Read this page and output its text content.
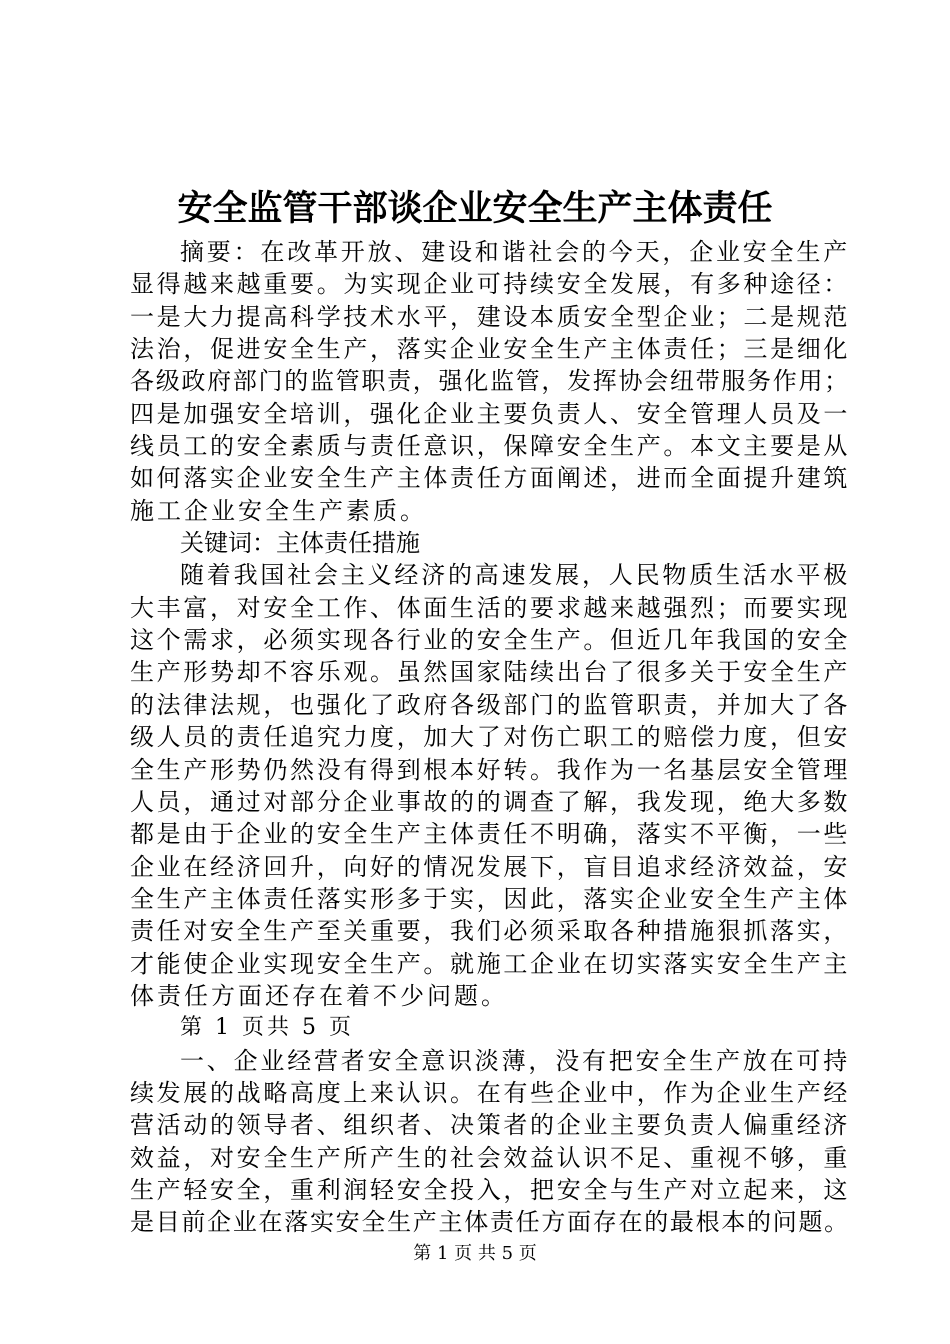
安全监管干部谈企业安全生产主体责任
摘要：在改革开放、建设和谐社会的今天，企业安全生产
显得越来越重要。为实现企业可持续安全发展，有多种途径：
一是大力提高科学技术水平，建设本质安全型企业；二是规范
法治，促进安全生产，落实企业安全生产主体责任；三是细化
各级政府部门的监管职责，强化监管，发挥协会纽带服务作用；
四是加强安全培训，强化企业主要负责人、安全管理人员及一
线员工的安全素质与责任意识，保障安全生产。本文主要是从
如何落实企业安全生产主体责任方面阐述，进而全面提升建筑
施工企业安全生产素质。
关键词：主体责任措施
随着我国社会主义经济的高速发展，人民物质生活水平极
大丰富，对安全工作、体面生活的要求越来越强烈；而要实现
这个需求，必须实现各行业的安全生产。但近几年我国的安全
生产形势却不容乐观。虽然国家陆续出台了很多关于安全生产
的法律法规，也强化了政府各级部门的监管职责，并加大了各
级人员的责任追究力度，加大了对伤亡职工的赔偿力度，但安
全生产形势仍然没有得到根本好转。我作为一名基层安全管理
人员，通过对部分企业事故的的调查了解，我发现，绝大多数
都是由于企业的安全生产主体责任不明确，落实不平衡，一些
企业在经济回升，向好的情况发展下，盲目追求经济效益，安
全生产主体责任落实形多于实，因此，落实企业安全生产主体
责任对安全生产至关重要，我们必须采取各种措施狠抓落实，
才能使企业实现安全生产。就施工企业在切实落实安全生产主
体责任方面还存在着不少问题。
第 1 页共 5 页
一、企业经营者安全意识淡薄，没有把安全生产放在可持
续发展的战略高度上来认识。在有些企业中，作为企业生产经
营活动的领导者、组织者、决策者的企业主要负责人偏重经济
效益，对安全生产所产生的社会效益认识不足、重视不够，重
生产轻安全，重利润轻安全投入，把安全与生产对立起来，这
是目前企业在落实安全生产主体责任方面存在的最根本的问题。
第 1 页 共 5 页
